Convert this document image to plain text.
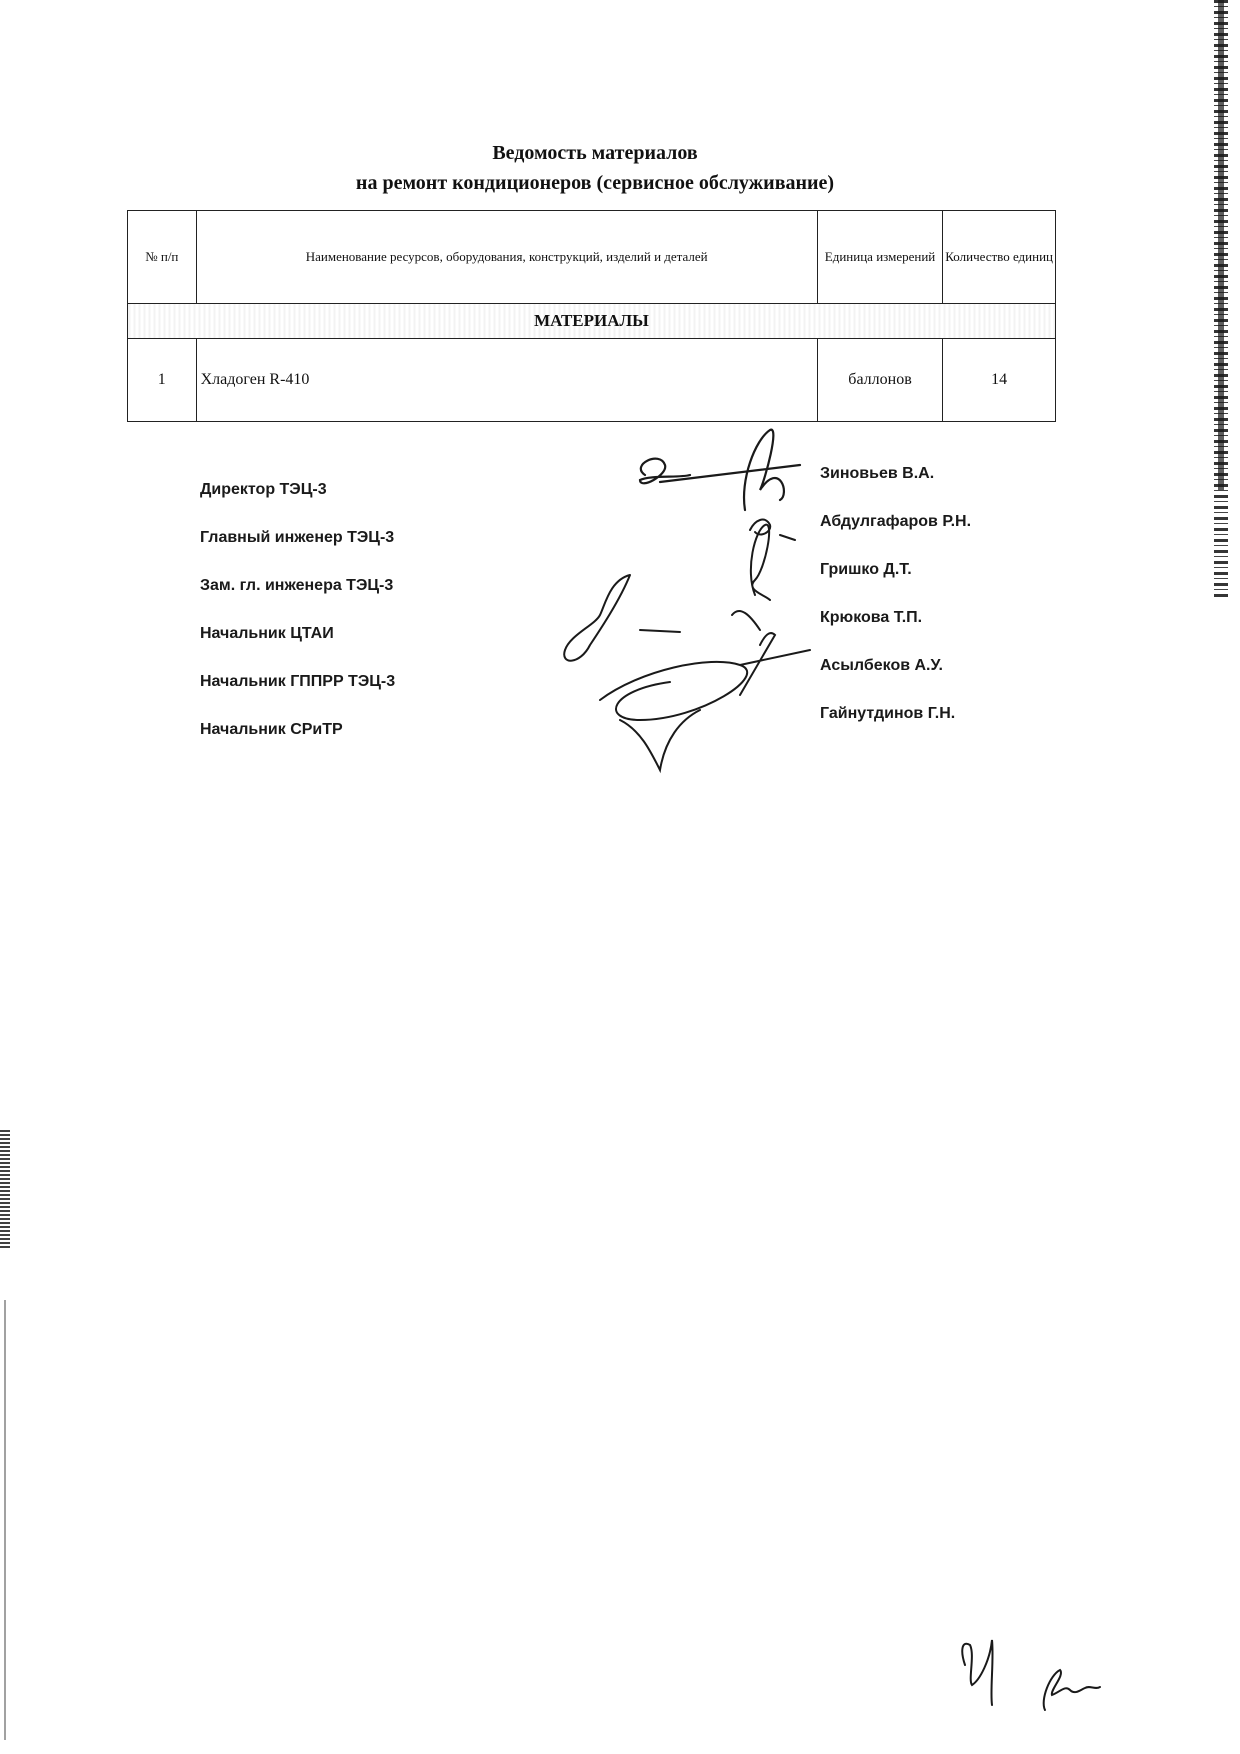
Ведомость материалов
на ремонт кондиционеров (сервисное обслуживание)
№ п/п	Наименование ресурсов, оборудования, конструкций, изделий и деталей	Единица измерений	Количество единиц
МАТЕРИАЛЫ			
1	Хладоген R-410	баллонов	14
Директор ТЭЦ-3
Главный инженер ТЭЦ-3
Зам. гл. инженера ТЭЦ-3
Начальник ЦТАИ
Начальник ГППРР ТЭЦ-3
Начальник СРиТР
Зиновьев В.А.
Абдулгафаров Р.Н.
Гришко Д.Т.
Крюкова Т.П.
Асылбеков А.У.
Гайнутдинов Г.Н.
